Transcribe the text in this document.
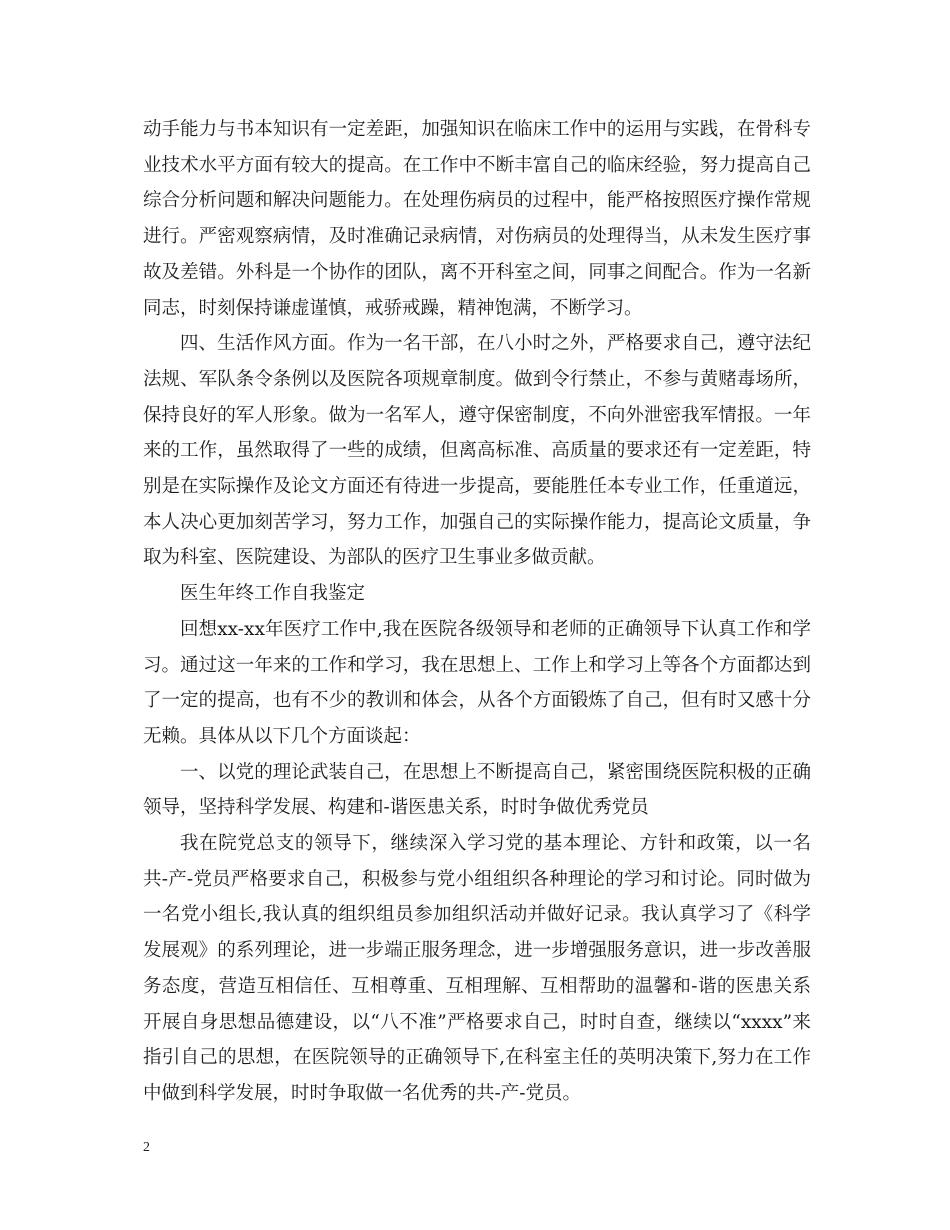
动手能力与书本知识有一定差距，加强知识在临床工作中的运用与实践，在骨科专业技术水平方面有较大的提高。在工作中不断丰富自己的临床经验，努力提高自己综合分析问题和解决问题能力。在处理伤病员的过程中，能严格按照医疗操作常规进行。严密观察病情，及时准确记录病情，对伤病员的处理得当，从未发生医疗事故及差错。外科是一个协作的团队，离不开科室之间，同事之间配合。作为一名新同志，时刻保持谦虚谨慎，戒骄戒躁，精神饱满，不断学习。

四、生活作风方面。作为一名干部，在八小时之外，严格要求自己，遵守法纪法规、军队条令条例以及医院各项规章制度。做到令行禁止，不参与黄赌毒场所，保持良好的军人形象。做为一名军人，遵守保密制度，不向外泄密我军情报。一年来的工作，虽然取得了一些的成绩，但离高标准、高质量的要求还有一定差距，特别是在实际操作及论文方面还有待进一步提高，要能胜任本专业工作，任重道远，本人决心更加刻苦学习，努力工作，加强自己的实际操作能力，提高论文质量，争取为科室、医院建设、为部队的医疗卫生事业多做贡献。

医生年终工作自我鉴定

回想xx-xx年医疗工作中,我在医院各级领导和老师的正确领导下认真工作和学习。通过这一年来的工作和学习，我在思想上、工作上和学习上等各个方面都达到了一定的提高，也有不少的教训和体会，从各个方面锻炼了自己，但有时又感十分无赖。具体从以下几个方面谈起：

一、以党的理论武装自己，在思想上不断提高自己，紧密围绕医院积极的正确领导，坚持科学发展、构建和-谐医患关系，时时争做优秀党员

我在院党总支的领导下，继续深入学习党的基本理论、方针和政策，以一名共-产-党员严格要求自己，积极参与党小组组织各种理论的学习和讨论。同时做为一名党小组长,我认真的组织组员参加组织活动并做好记录。我认真学习了《科学发展观》的系列理论，进一步端正服务理念，进一步增强服务意识，进一步改善服务态度，营造互相信任、互相尊重、互相理解、互相帮助的温馨和-谐的医患关系开展自身思想品德建设，以“八不准”严格要求自己，时时自查，继续以“xxxx”来指引自己的思想，在医院领导的正确领导下,在科室主任的英明决策下,努力在工作中做到科学发展，时时争取做一名优秀的共-产-党员。

2
